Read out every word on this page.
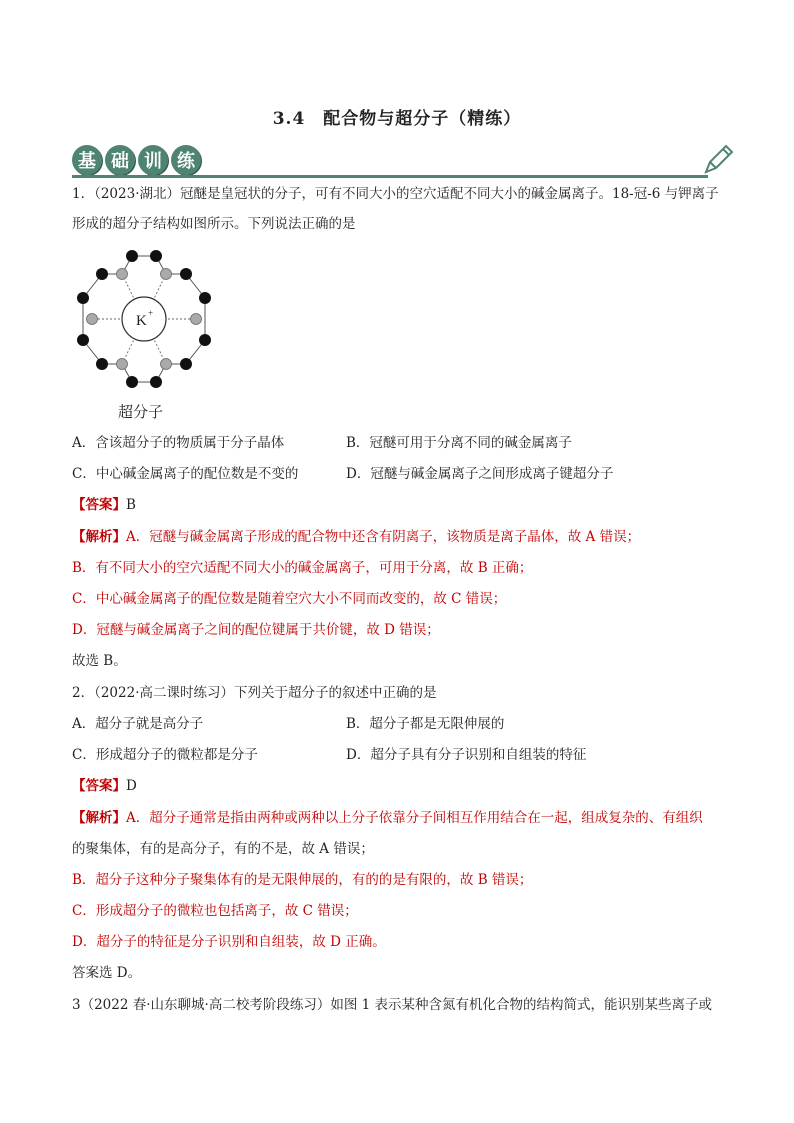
3.4　配合物与超分子（精练）
基 础 训 练
1．（2023·湖北）冠醚是皇冠状的分子，可有不同大小的空穴适配不同大小的碱金属离子。18-冠-6 与钾离子
形成的超分子结构如图所示。下列说法正确的是
K +
超分子
A．含该超分子的物质属于分子晶体	B．冠醚可用于分离不同的碱金属离子
C．中心碱金属离子的配位数是不变的	D．冠醚与碱金属离子之间形成离子键超分子
【答案】B
【解析】A．冠醚与碱金属离子形成的配合物中还含有阴离子，该物质是离子晶体，故 A 错误；
B．有不同大小的空穴适配不同大小的碱金属离子，可用于分离，故 B 正确；
C．中心碱金属离子的配位数是随着空穴大小不同而改变的，故 C 错误；
D．冠醚与碱金属离子之间的配位键属于共价键，故 D 错误；
故选 B。
2．（2022·高二课时练习）下列关于超分子的叙述中正确的是
A．超分子就是高分子	B．超分子都是无限伸展的
C．形成超分子的微粒都是分子	D．超分子具有分子识别和自组装的特征
【答案】D
【解析】A．超分子通常是指由两种或两种以上分子依靠分子间相互作用结合在一起，组成复杂的、有组织
的聚集体，有的是高分子，有的不是，故 A 错误；
B．超分子这种分子聚集体有的是无限伸展的，有的的是有限的，故 B 错误；
C．形成超分子的微粒也包括离子，故 C 错误；
D．超分子的特征是分子识别和自组装，故 D 正确。
答案选 D。
3（2022 春·山东聊城·高二校考阶段练习）如图 1 表示某种含氮有机化合物的结构简式，能识别某些离子或
